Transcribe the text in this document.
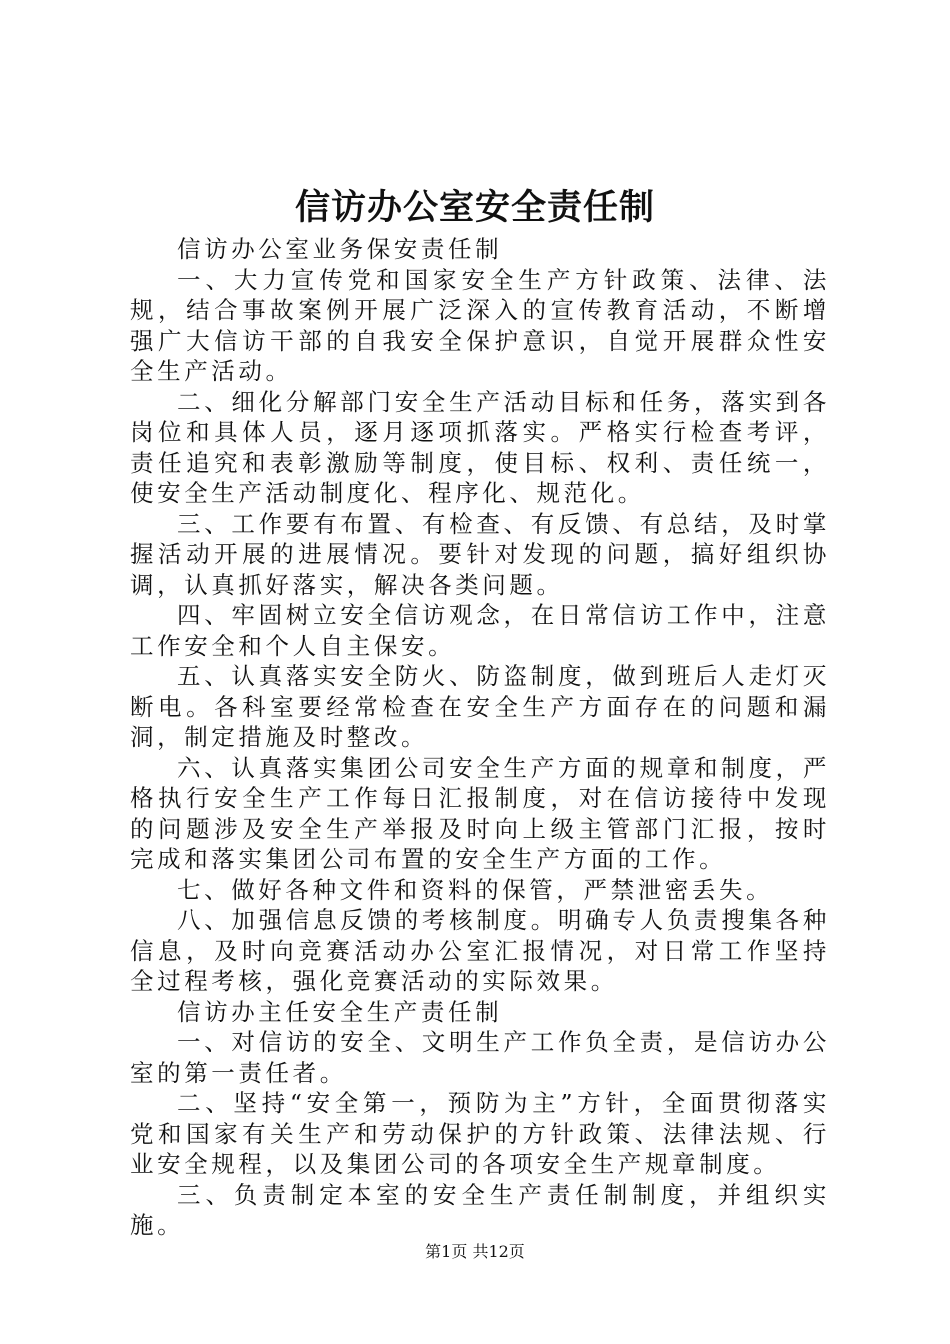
信访办公室安全责任制

信访办公室业务保安责任制

一、大力宣传党和国家安全生产方针政策、法律、法规，结合事故案例开展广泛深入的宣传教育活动，不断增强广大信访干部的自我安全保护意识，自觉开展群众性安全生产活动。

二、细化分解部门安全生产活动目标和任务，落实到各岗位和具体人员，逐月逐项抓落实。严格实行检查考评，责任追究和表彰激励等制度，使目标、权利、责任统一，使安全生产活动制度化、程序化、规范化。

三、工作要有布置、有检查、有反馈、有总结，及时掌握活动开展的进展情况。要针对发现的问题，搞好组织协调，认真抓好落实，解决各类问题。

四、牢固树立安全信访观念，在日常信访工作中，注意工作安全和个人自主保安。

五、认真落实安全防火、防盗制度，做到班后人走灯灭断电。各科室要经常检查在安全生产方面存在的问题和漏洞，制定措施及时整改。

六、认真落实集团公司安全生产方面的规章和制度，严格执行安全生产工作每日汇报制度，对在信访接待中发现的问题涉及安全生产举报及时向上级主管部门汇报，按时完成和落实集团公司布置的安全生产方面的工作。

七、做好各种文件和资料的保管，严禁泄密丢失。

八、加强信息反馈的考核制度。明确专人负责搜集各种信息，及时向竞赛活动办公室汇报情况，对日常工作坚持全过程考核，强化竞赛活动的实际效果。

信访办主任安全生产责任制

一、对信访的安全、文明生产工作负全责，是信访办公室的第一责任者。

二、坚持“安全第一，预防为主”方针，全面贯彻落实党和国家有关生产和劳动保护的方针政策、法律法规、行业安全规程，以及集团公司的各项安全生产规章制度。

三、负责制定本室的安全生产责任制制度，并组织实施。

第1页 共12页
